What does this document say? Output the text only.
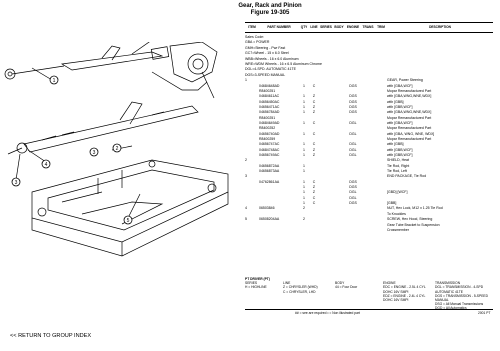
Gear, Rack and Pinion
Figure 19-305
1
2
3
4
5
3
ITEM	PART NUMBER	QTY LINE SERIES BODY	ENGINE	TRANS	TRIM	DESCRIPTION
Sales Code:
GBA = POWER
GMH=Steering - Pwr Fast
GC7=Wheel - 15 x 6.0 Steel
WBB=Wheels - 16 x 6.0 Aluminum
WRE=WDM Wheels - 16 x 6.5 Aluminum Chrome
DGL=4-SPD. AUTOMATIC 41TE
DGS=3-SPEED MANUAL
1	GEAR, Power Steering
04684648AD	1	C	DGS	with [GBA,WCF]
R8400251	Mopar Remanufactured Part
04684611AC	1	Z	DGS	with [GBA,WNG,WNE,WDX]
04656450AC	1	C	DGS	with [GBB]
04656471AC	1	Z	DGS	with [GBB,WCF]
04656784AD	1	Z	DGS	with [GBA,WNG,WNE,WDX]
R8400251	Mopar Remanufactured Part
04684649AD	1	C	DGL	with [GBA,WCF]
R8400252	Mopar Remanufactured Part
04656740AD	1	C	DGL	with [GBA, WNG, WNE, WDX]
R8400259	Mopar Remanufactured Part
04656747AC	1	C	DGL	with [GBB]
04684748AC	1	Z	DGL	with [GBB,WCF]
04656749AC	1	Z	DGL	with [GBB,WCF]
2	SHIELD, Heat
04656872AA	1	Tie Rod, Right
04656873AA	1	Tie Rod, Left
3	END PACKAGE, Tie Rod
04762861AA	1	C	DGS
1	Z	DGS
1	Z	DGL	[GBD] [WCF]
1	C	DGL
1	C	DGS	[GBB]
4	06503846	2	NUT, Hex Lock, M12 x 1.25 Tie Rod
To Knuckles
5	06508204AA	2	SCREW, Hex Hood, Steering
Gear Tube Bracket to Suspension
Crossmember
PT DRIVER (PT)
SERIES
H = HIGHLINE
LINE
Z = CHRYSLER (WHD)
C = CHRYSLER, LHD
BODY
44 = Four Door
ENGINE
EDC = ENGINE - 2.5L 4 CYL
DOHC 16V SMPI
EDZ = ENGINE - 2.4L 4 CYL
DOHC 16V SMPI
TRANSMISSION
DGL = TRANSMISSION - 4-SPD
AUTOMATIC 41TE
DGS = TRANSMISSION - 5-SPEED
MANUAL
DSG = All Manual Transmissions
DGD = All Automatics
## = see are required • = Non illustrated part	2001 PT
<< RETURN TO GROUP INDEX
